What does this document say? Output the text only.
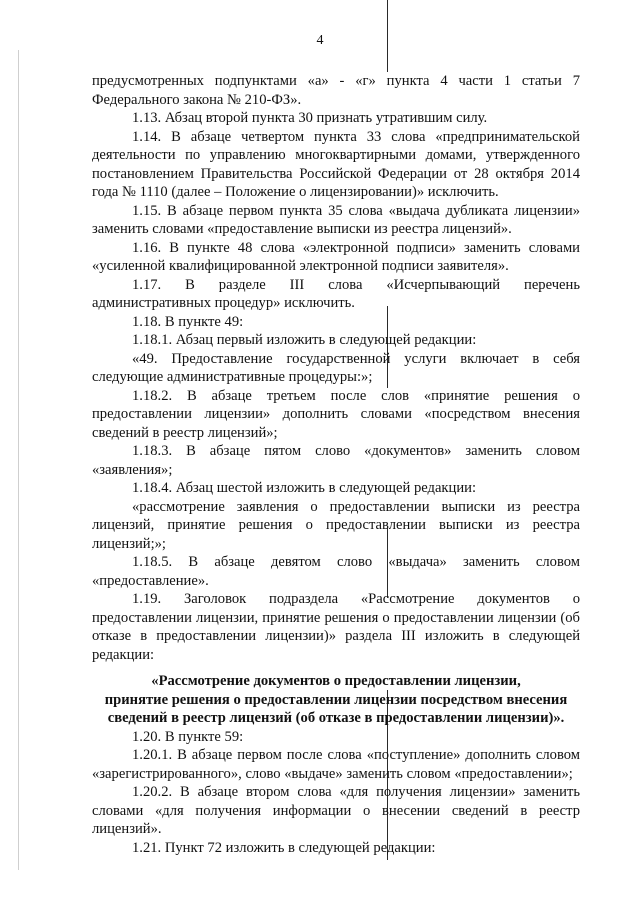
4

предусмотренных подпунктами «а» - «г» пункта 4 части 1 статьи 7 Федерального закона № 210-ФЗ».

1.13. Абзац второй пункта 30 признать утратившим силу.

1.14. В абзаце четвертом пункта 33 слова «предпринимательской деятельности по управлению многоквартирными домами, утвержденного постановлением Правительства Российской Федерации от 28 октября 2014 года № 1110 (далее – Положение о лицензировании)» исключить.

1.15. В абзаце первом пункта 35 слова «выдача дубликата лицензии» заменить словами «предоставление выписки из реестра лицензий».

1.16. В пункте 48 слова «электронной подписи» заменить словами «усиленной квалифицированной электронной подписи заявителя».

1.17. В разделе III слова «Исчерпывающий перечень административных процедур» исключить.

1.18. В пункте 49:

1.18.1. Абзац первый изложить в следующей редакции:

«49. Предоставление государственной услуги включает в себя следующие административные процедуры:»;

1.18.2. В абзаце третьем после слов «принятие решения о предоставлении лицензии» дополнить словами «посредством внесения сведений в реестр лицензий»;

1.18.3. В абзаце пятом слово «документов» заменить словом «заявления»;

1.18.4. Абзац шестой изложить в следующей редакции:

«рассмотрение заявления о предоставлении выписки из реестра лицензий, принятие решения о предоставлении выписки из реестра лицензий;»;

1.18.5. В абзаце девятом слово «выдача» заменить словом «предоставление».

1.19. Заголовок подраздела «Рассмотрение документов о предоставлении лицензии, принятие решения о предоставлении лицензии (об отказе в предоставлении лицензии)» раздела III изложить в следующей редакции:

«Рассмотрение документов о предоставлении лицензии,
принятие решения о предоставлении лицензии посредством внесения
сведений в реестр лицензий (об отказе в предоставлении лицензии)».

1.20. В пункте 59:

1.20.1. В абзаце первом после слова «поступление» дополнить словом «зарегистрированного», слово «выдаче» заменить словом «предоставлении»;

1.20.2. В абзаце втором слова «для получения лицензии» заменить словами «для получения информации о внесении сведений в реестр лицензий».

1.21. Пункт 72 изложить в следующей редакции:
